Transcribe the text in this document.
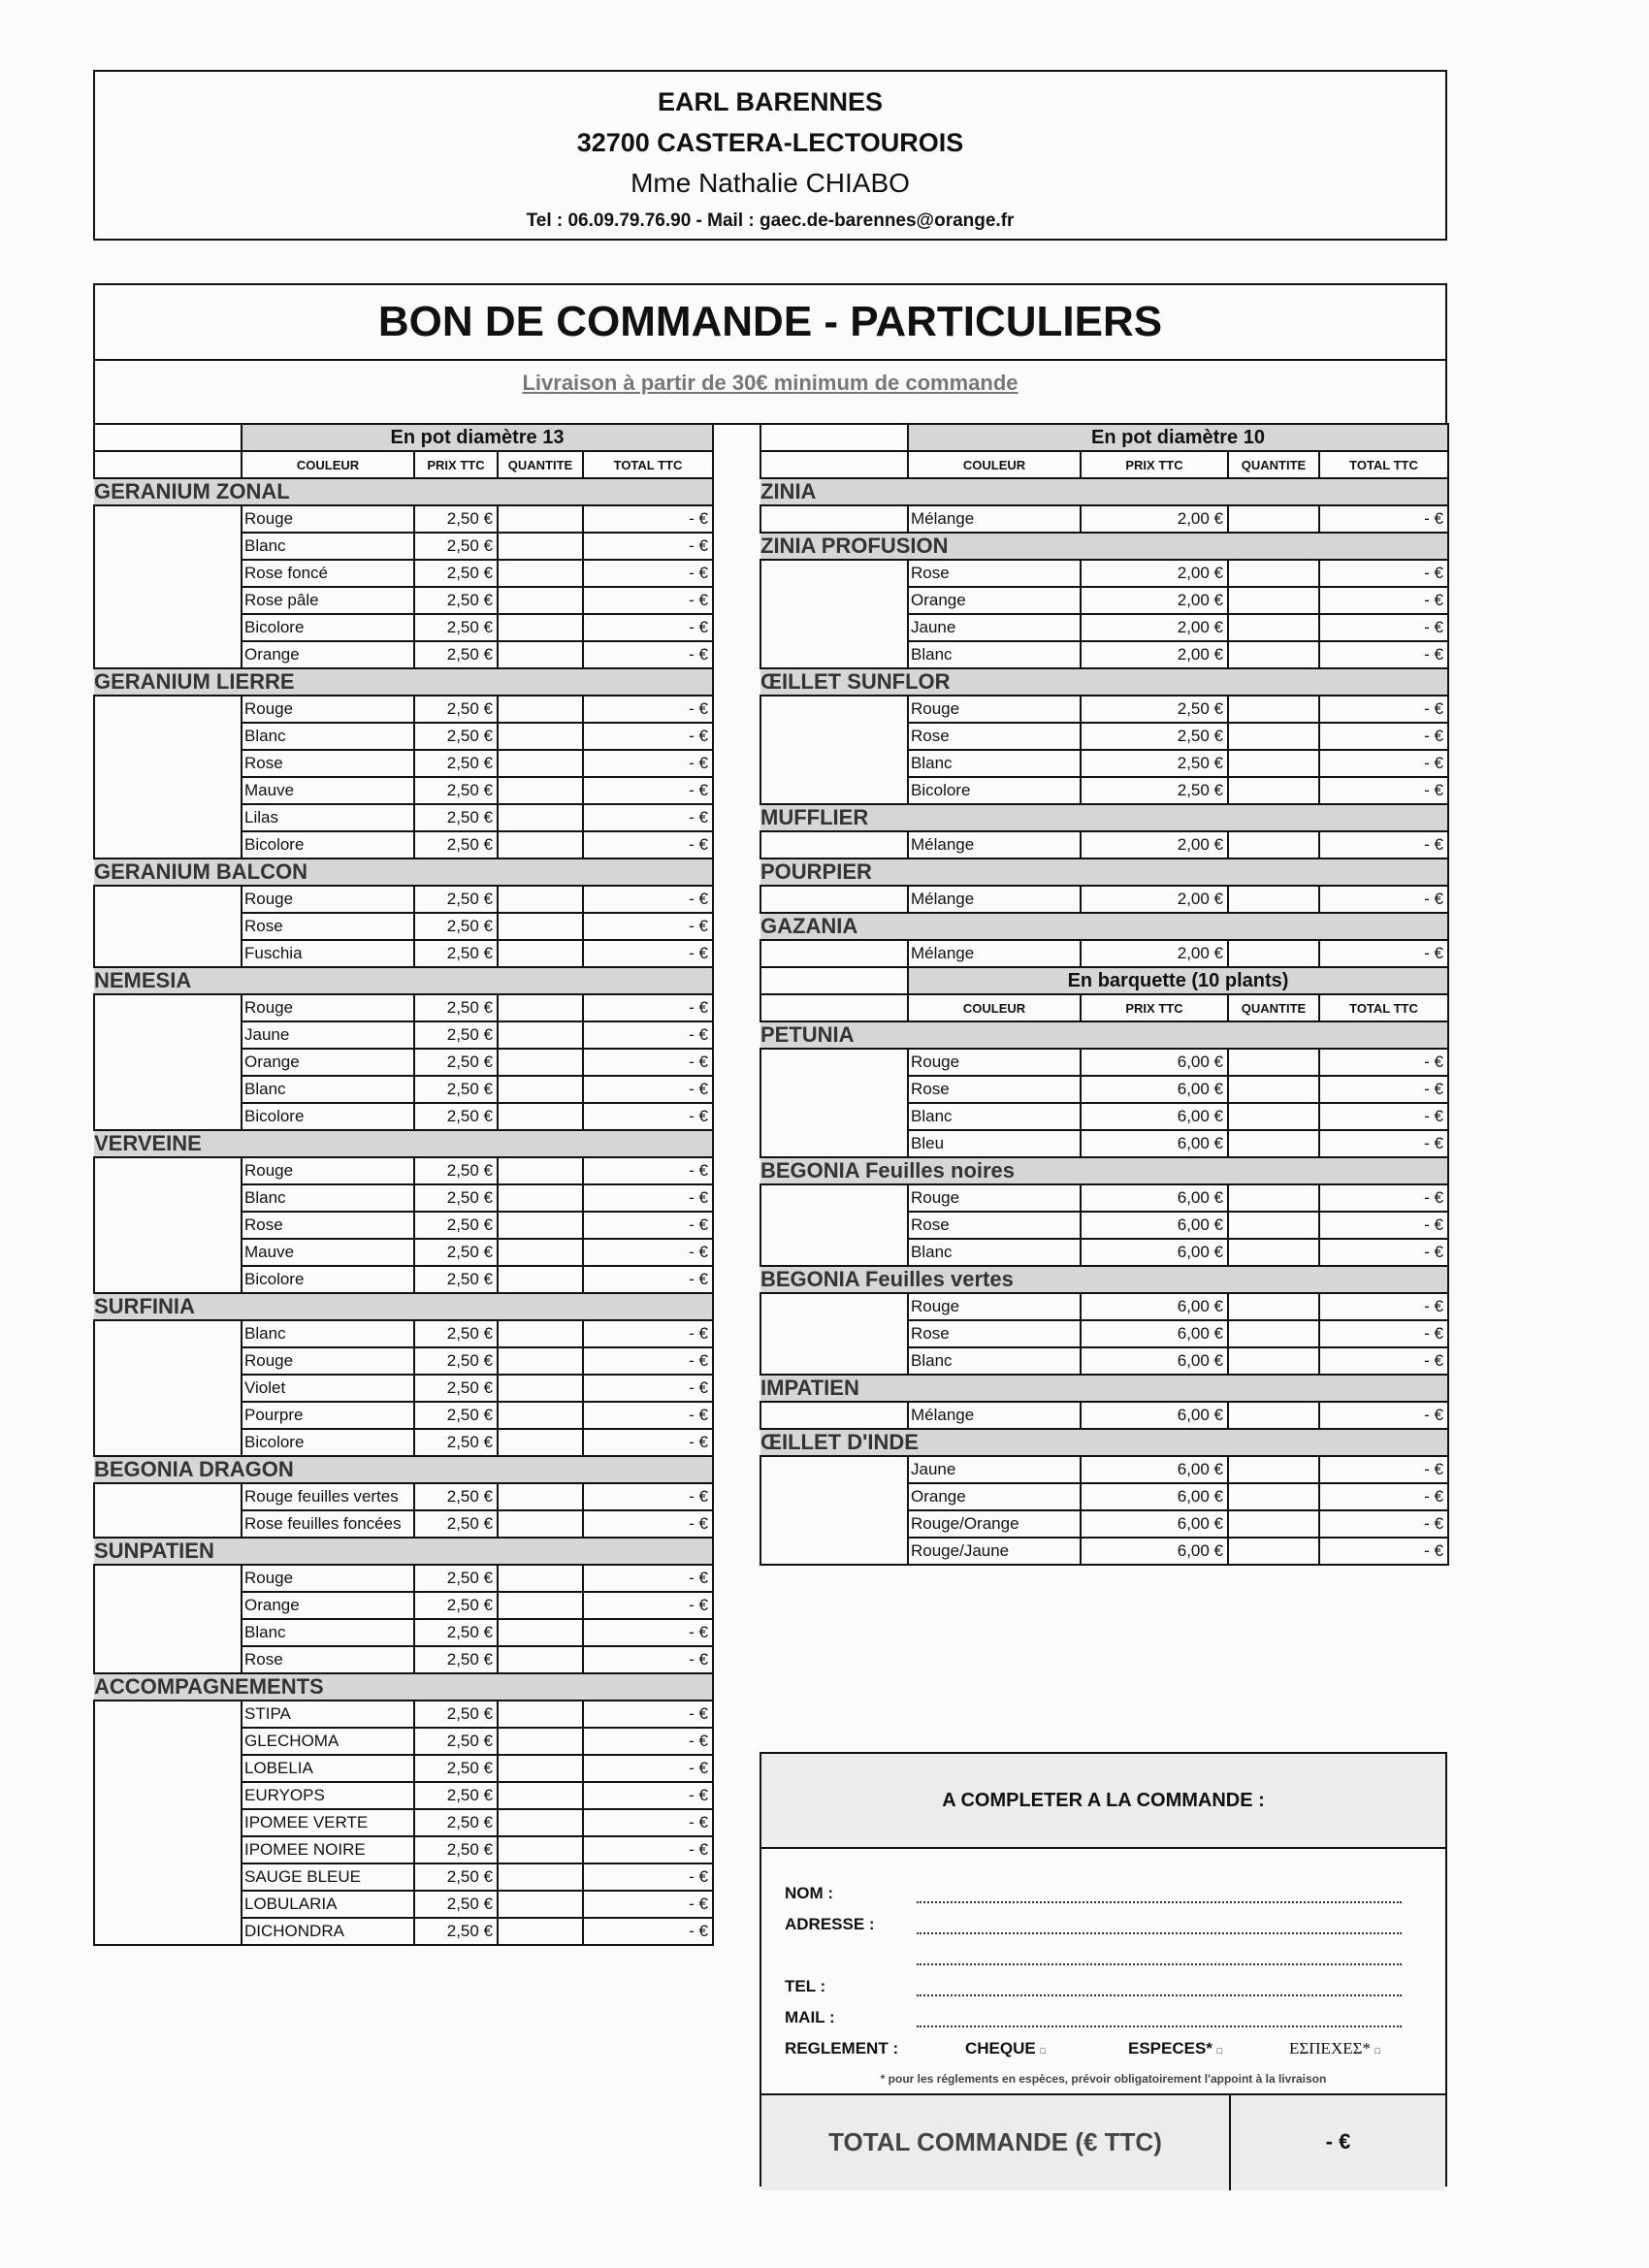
EARL BARENNES
32700 CASTERA-LECTOUROIS
Mme Nathalie CHIABO
Tel : 06.09.79.76.90 - Mail : gaec.de-barennes@orange.fr
BON DE COMMANDE - PARTICULIERS
Livraison à partir de 30€ minimum de commande
	En pot diamètre 13			
	COULEUR	PRIX TTC	QUANTITE	TOTAL TTC
GERANIUM ZONAL				
	Rouge	2,50 €		- €
	Blanc	2,50 €		- €
	Rose foncé	2,50 €		- €
	Rose pâle	2,50 €		- €
	Bicolore	2,50 €		- €
	Orange	2,50 €		- €
GERANIUM LIERRE				
	Rouge	2,50 €		- €
	Blanc	2,50 €		- €
	Rose	2,50 €		- €
	Mauve	2,50 €		- €
	Lilas	2,50 €		- €
	Bicolore	2,50 €		- €
GERANIUM BALCON				
	Rouge	2,50 €		- €
	Rose	2,50 €		- €
	Fuschia	2,50 €		- €
NEMESIA				
	Rouge	2,50 €		- €
	Jaune	2,50 €		- €
	Orange	2,50 €		- €
	Blanc	2,50 €		- €
	Bicolore	2,50 €		- €
VERVEINE				
	Rouge	2,50 €		- €
	Blanc	2,50 €		- €
	Rose	2,50 €		- €
	Mauve	2,50 €		- €
	Bicolore	2,50 €		- €
SURFINIA				
	Blanc	2,50 €		- €
	Rouge	2,50 €		- €
	Violet	2,50 €		- €
	Pourpre	2,50 €		- €
	Bicolore	2,50 €		- €
BEGONIA DRAGON				
	Rouge feuilles vertes	2,50 €		- €
	Rose feuilles foncées	2,50 €		- €
SUNPATIEN				
	Rouge	2,50 €		- €
	Orange	2,50 €		- €
	Blanc	2,50 €		- €
	Rose	2,50 €		- €
ACCOMPAGNEMENTS				
	STIPA	2,50 €		- €
	GLECHOMA	2,50 €		- €
	LOBELIA	2,50 €		- €
	EURYOPS	2,50 €		- €
	IPOMEE VERTE	2,50 €		- €
	IPOMEE NOIRE	2,50 €		- €
	SAUGE BLEUE	2,50 €		- €
	LOBULARIA	2,50 €		- €
	DICHONDRA	2,50 €		- €
	En pot diamètre 10			
	COULEUR	PRIX TTC	QUANTITE	TOTAL TTC
ZINIA				
	Mélange	2,00 €		- €
ZINIA PROFUSION				
	Rose	2,00 €		- €
	Orange	2,00 €		- €
	Jaune	2,00 €		- €
	Blanc	2,00 €		- €
ŒILLET SUNFLOR				
	Rouge	2,50 €		- €
	Rose	2,50 €		- €
	Blanc	2,50 €		- €
	Bicolore	2,50 €		- €
MUFFLIER				
	Mélange	2,00 €		- €
POURPIER				
	Mélange	2,00 €		- €
GAZANIA				
	Mélange	2,00 €		- €
	En barquette (10 plants)			
	COULEUR	PRIX TTC	QUANTITE	TOTAL TTC
PETUNIA				
	Rouge	6,00 €		- €
	Rose	6,00 €		- €
	Blanc	6,00 €		- €
	Bleu	6,00 €		- €
BEGONIA Feuilles noires				
	Rouge	6,00 €		- €
	Rose	6,00 €		- €
	Blanc	6,00 €		- €
BEGONIA Feuilles vertes				
	Rouge	6,00 €		- €
	Rose	6,00 €		- €
	Blanc	6,00 €		- €
IMPATIEN				
	Mélange	6,00 €		- €
ŒILLET D'INDE				
	Jaune	6,00 €		- €
	Orange	6,00 €		- €
	Rouge/Orange	6,00 €		- €
	Rouge/Jaune	6,00 €		- €
A COMPLETER A LA COMMANDE :
NOM :
ADRESSE :
TEL :
MAIL :
REGLEMENT :	CHEQUE □	ESPECES* □	ΕΣΠΕΧΕΣ* □
* pour les réglements en espèces, prévoir obligatoirement l'appoint à la livraison
TOTAL COMMANDE (€ TTC)	- €
